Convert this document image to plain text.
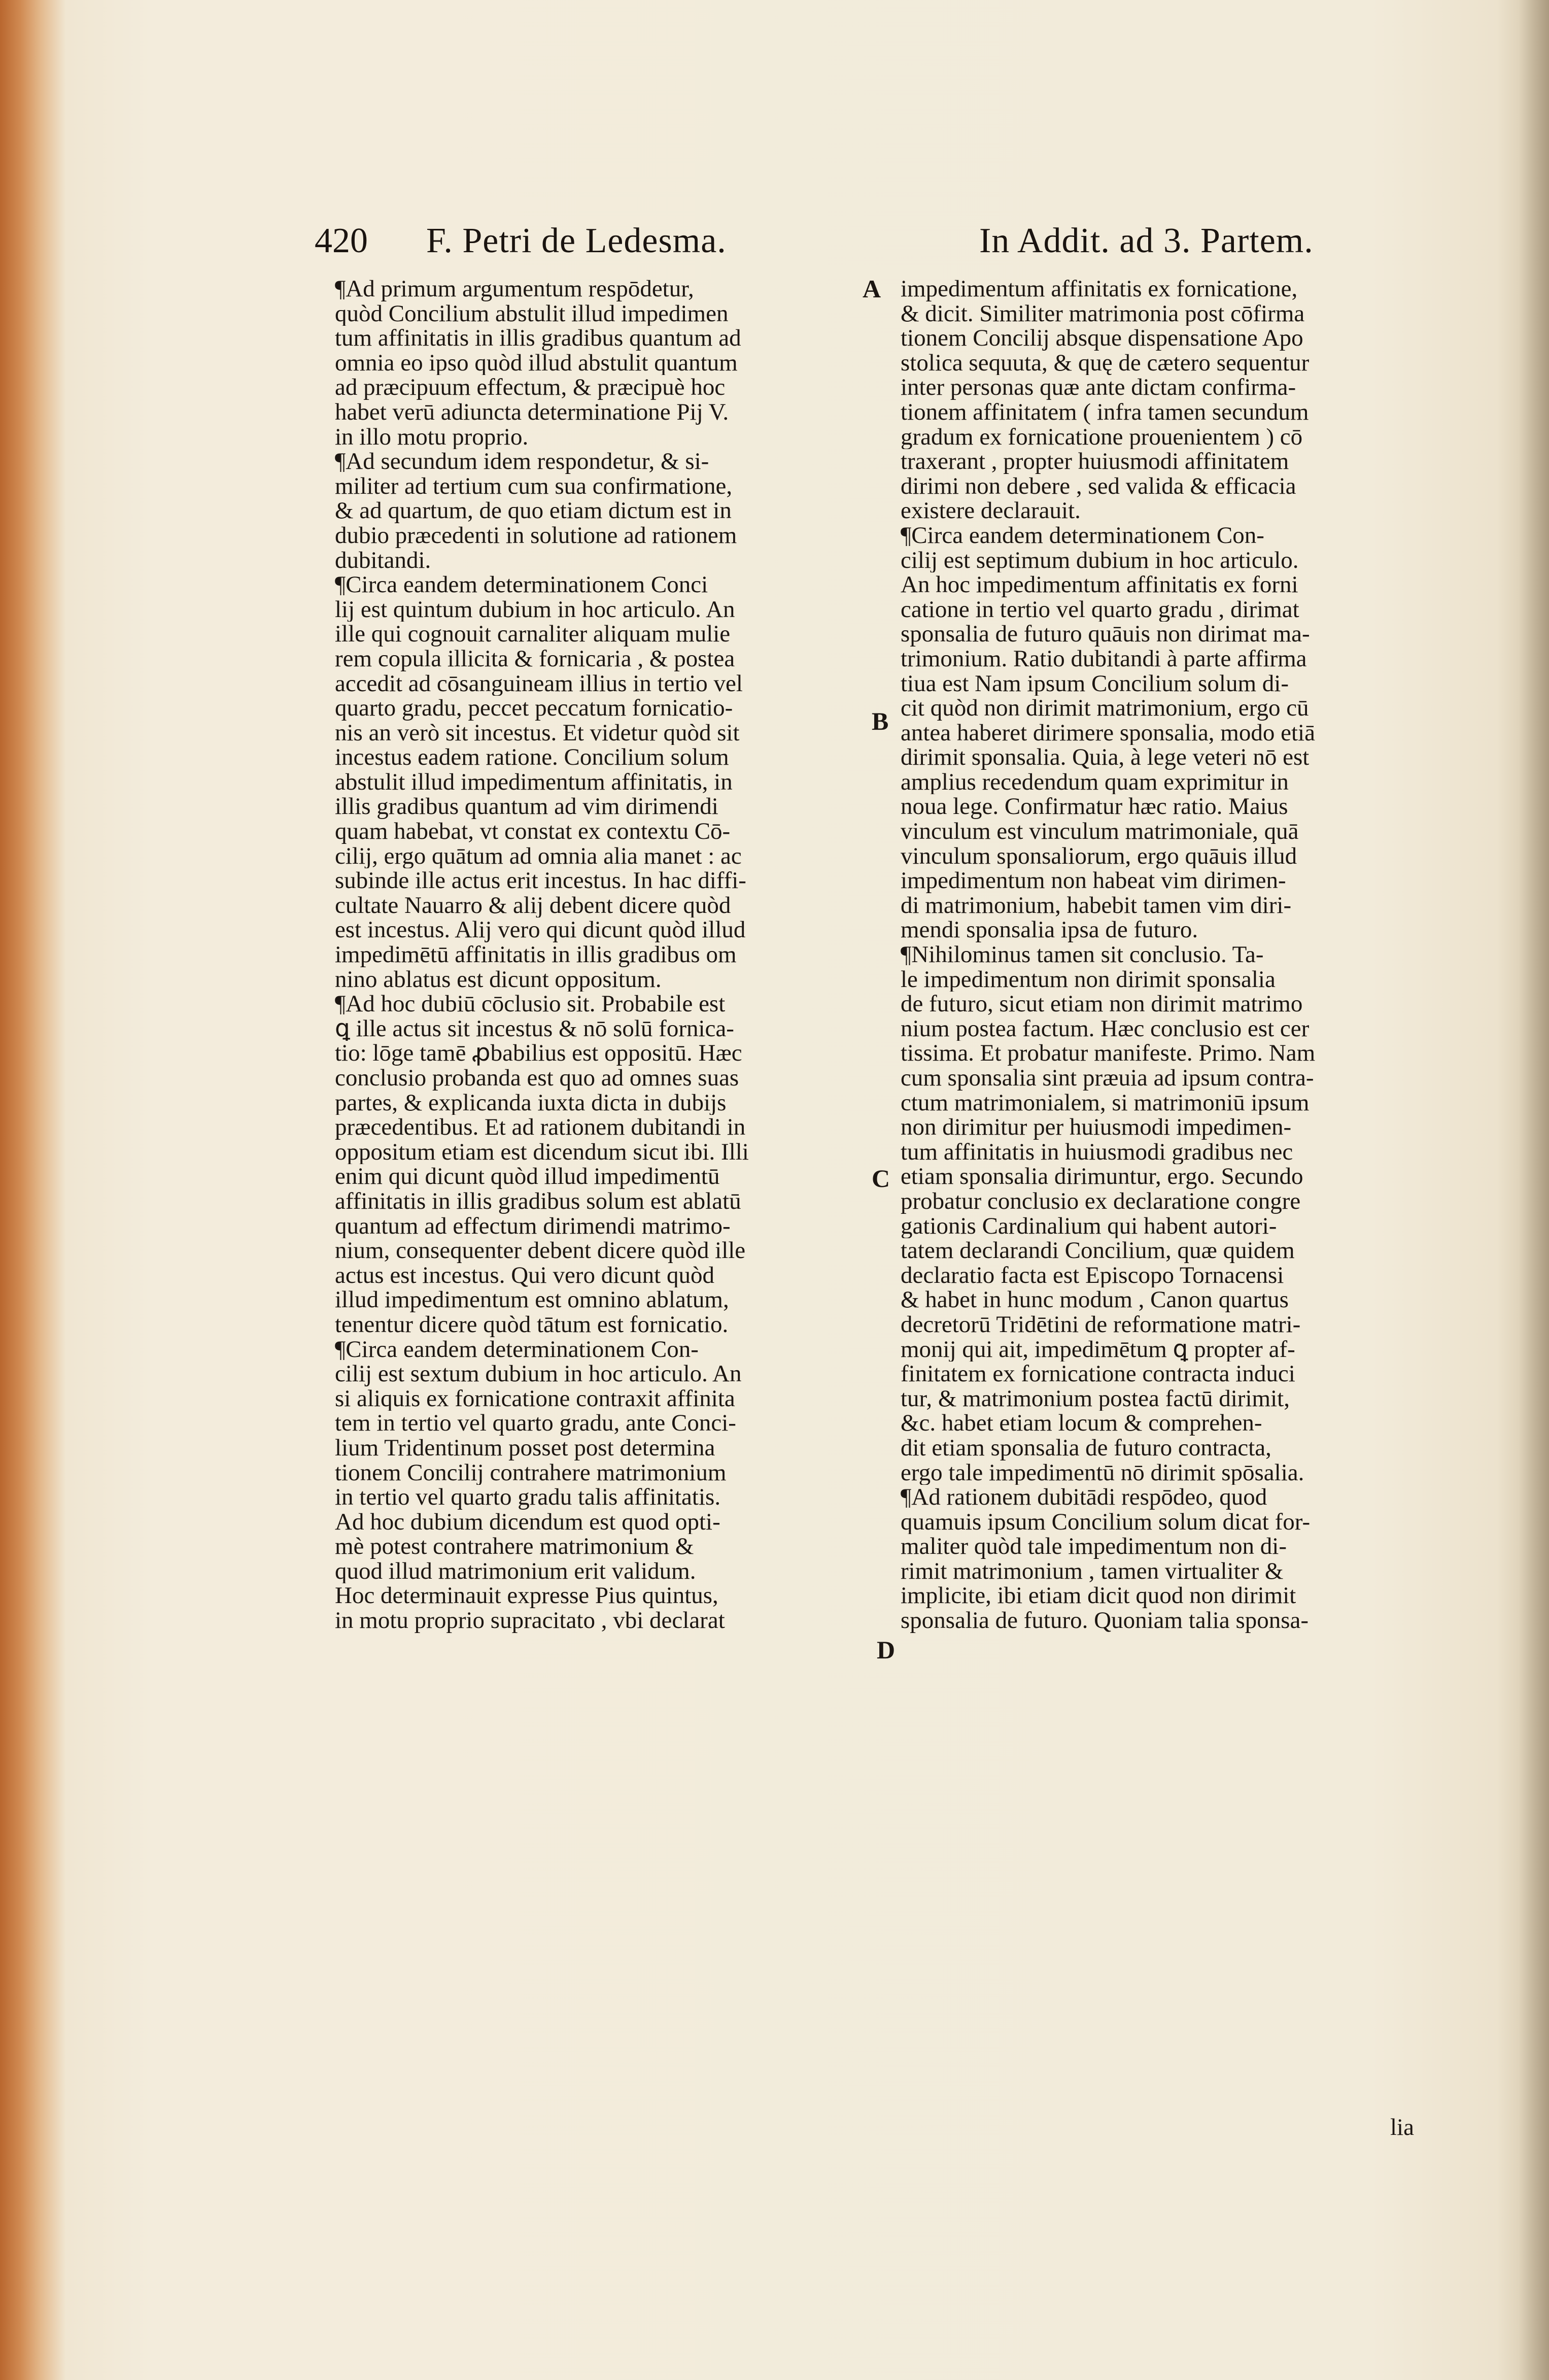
420 F. Petri de Ledesma.	In Addit. ad 3. Partem.
A
B
C
D
¶Ad primum argumentum respōdetur,
quòd Concilium abstulit illud impedimen
tum affinitatis in illis gradibus quantum ad
omnia eo ipso quòd illud abstulit quantum
ad præcipuum effectum, & præcipuè hoc
habet verū adiuncta determinatione Pij V.
in illo motu proprio.
¶Ad secundum idem respondetur, & si-
militer ad tertium cum sua confirmatione,
& ad quartum, de quo etiam dictum est in
dubio præcedenti in solutione ad rationem
dubitandi.
¶Circa eandem determinationem Conci
lij est quintum dubium in hoc articulo. An
ille qui cognouit carnaliter aliquam mulie
rem copula illicita & fornicaria , & postea
accedit ad cōsanguineam illius in tertio vel
quarto gradu, peccet peccatum fornicatio-
nis an verò sit incestus. Et videtur quòd sit
incestus eadem ratione. Concilium solum
abstulit illud impedimentum affinitatis, in
illis gradibus quantum ad vim dirimendi
quam habebat, vt constat ex contextu Cō-
cilij, ergo quātum ad omnia alia manet : ac
subinde ille actus erit incestus. In hac diffi-
cultate Nauarro & alij debent dicere quòd
est incestus. Alij vero qui dicunt quòd illud
impedimētū affinitatis in illis gradibus om
nino ablatus est dicunt oppositum.
¶Ad hoc dubiū cōclusio sit. Probabile est
ꝗ ille actus sit incestus & nō solū fornica-
tio: lōge tamē ꝓbabilius est oppositū. Hæc
conclusio probanda est quo ad omnes suas
partes, & explicanda iuxta dicta in dubijs
præcedentibus. Et ad rationem dubitandi in
oppositum etiam est dicendum sicut ibi. Illi
enim qui dicunt quòd illud impedimentū
affinitatis in illis gradibus solum est ablatū
quantum ad effectum dirimendi matrimo-
nium, consequenter debent dicere quòd ille
actus est incestus. Qui vero dicunt quòd
illud impedimentum est omnino ablatum,
tenentur dicere quòd tātum est fornicatio.
¶Circa eandem determinationem Con-
cilij est sextum dubium in hoc articulo. An
si aliquis ex fornicatione contraxit affinita
tem in tertio vel quarto gradu, ante Conci-
lium Tridentinum posset post determina
tionem Concilij contrahere matrimonium
in tertio vel quarto gradu talis affinitatis.
Ad hoc dubium dicendum est quod opti-
mè potest contrahere matrimonium &
quod illud matrimonium erit validum.
Hoc determinauit expresse Pius quintus,
in motu proprio supracitato , vbi declarat
impedimentum affinitatis ex fornicatione,
& dicit. Similiter matrimonia post cōfirma
tionem Concilij absque dispensatione Apo
stolica sequuta, & quę de cætero sequentur
inter personas quæ ante dictam confirma-
tionem affinitatem ( infra tamen secundum
gradum ex fornicatione prouenientem ) cō
traxerant , propter huiusmodi affinitatem
dirimi non debere , sed valida & efficacia
existere declarauit.
¶Circa eandem determinationem Con-
cilij est septimum dubium in hoc articulo.
An hoc impedimentum affinitatis ex forni
catione in tertio vel quarto gradu , dirimat
sponsalia de futuro quāuis non dirimat ma-
trimonium. Ratio dubitandi à parte affirma
tiua est Nam ipsum Concilium solum di-
cit quòd non dirimit matrimonium, ergo cū
antea haberet dirimere sponsalia, modo etiā
dirimit sponsalia. Quia, à lege veteri nō est
amplius recedendum quam exprimitur in
noua lege. Confirmatur hæc ratio. Maius
vinculum est vinculum matrimoniale, quā
vinculum sponsaliorum, ergo quāuis illud
impedimentum non habeat vim dirimen-
di matrimonium, habebit tamen vim diri-
mendi sponsalia ipsa de futuro.
¶Nihilominus tamen sit conclusio. Ta-
le impedimentum non dirimit sponsalia
de futuro, sicut etiam non dirimit matrimo
nium postea factum. Hæc conclusio est cer
tissima. Et probatur manifeste. Primo. Nam
cum sponsalia sint præuia ad ipsum contra-
ctum matrimonialem, si matrimoniū ipsum
non dirimitur per huiusmodi impedimen-
tum affinitatis in huiusmodi gradibus nec
etiam sponsalia dirimuntur, ergo. Secundo
probatur conclusio ex declaratione congre
gationis Cardinalium qui habent autori-
tatem declarandi Concilium, quæ quidem
declaratio facta est Episcopo Tornacensi
& habet in hunc modum , Canon quartus
decretorū Tridētini de reformatione matri-
monij qui ait, impedimētum ꝗ propter af-
finitatem ex fornicatione contracta induci
tur, & matrimonium postea factū dirimit,
&c. habet etiam locum & comprehen-
dit etiam sponsalia de futuro contracta,
ergo tale impedimentū nō dirimit spōsalia.
¶Ad rationem dubitādi respōdeo, quod
quamuis ipsum Concilium solum dicat for-
maliter quòd tale impedimentum non di-
rimit matrimonium , tamen virtualiter &
implicite, ibi etiam dicit quod non dirimit
sponsalia de futuro. Quoniam talia sponsa-
lia
